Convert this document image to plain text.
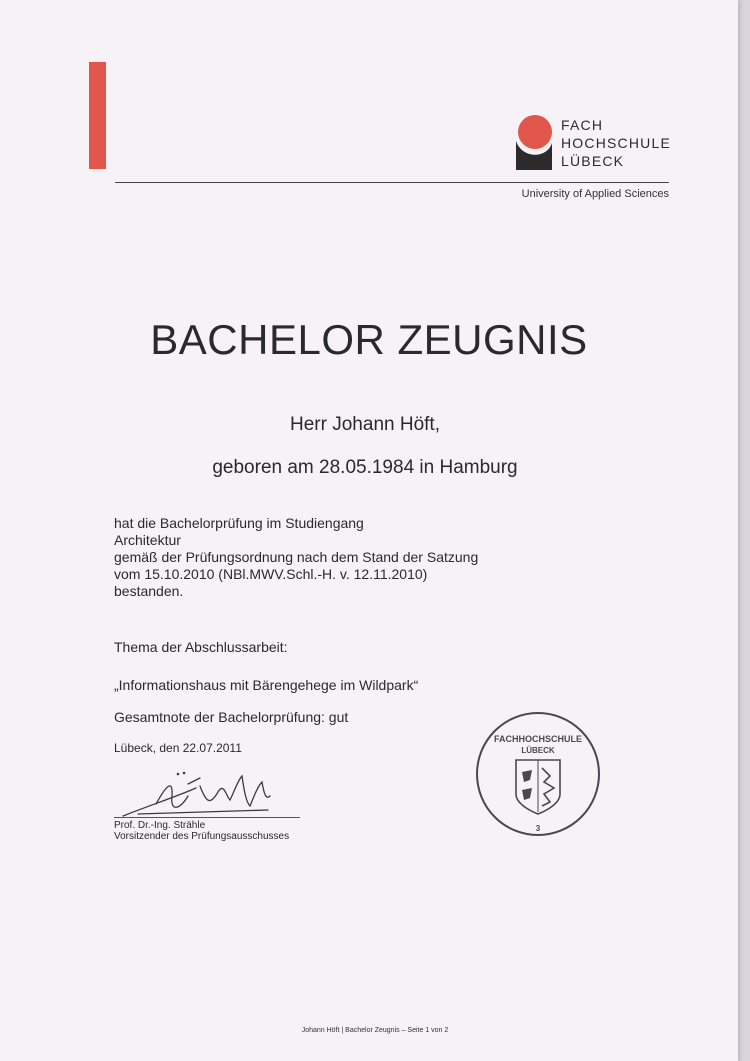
FACH
HOCHSCHULE
LÜBECK
University of Applied Sciences
BACHELOR ZEUGNIS
Herr Johann Höft,
geboren am 28.05.1984 in Hamburg
hat die Bachelorprüfung im Studiengang
Architektur
gemäß der Prüfungsordnung nach dem Stand der Satzung
vom 15.10.2010 (NBl.MWV.Schl.-H. v. 12.11.2010)
bestanden.
Thema der Abschlussarbeit:
„Informationshaus mit Bärengehege im Wildpark“
Gesamtnote der Bachelorprüfung: gut
Lübeck, den 22.07.2011
Prof. Dr.-Ing. Strähle
Vorsitzender des Prüfungsausschusses
FACHHOCHSCHULE
LÜBECK
3
Johann Höft | Bachelor Zeugnis – Seite 1 von 2
